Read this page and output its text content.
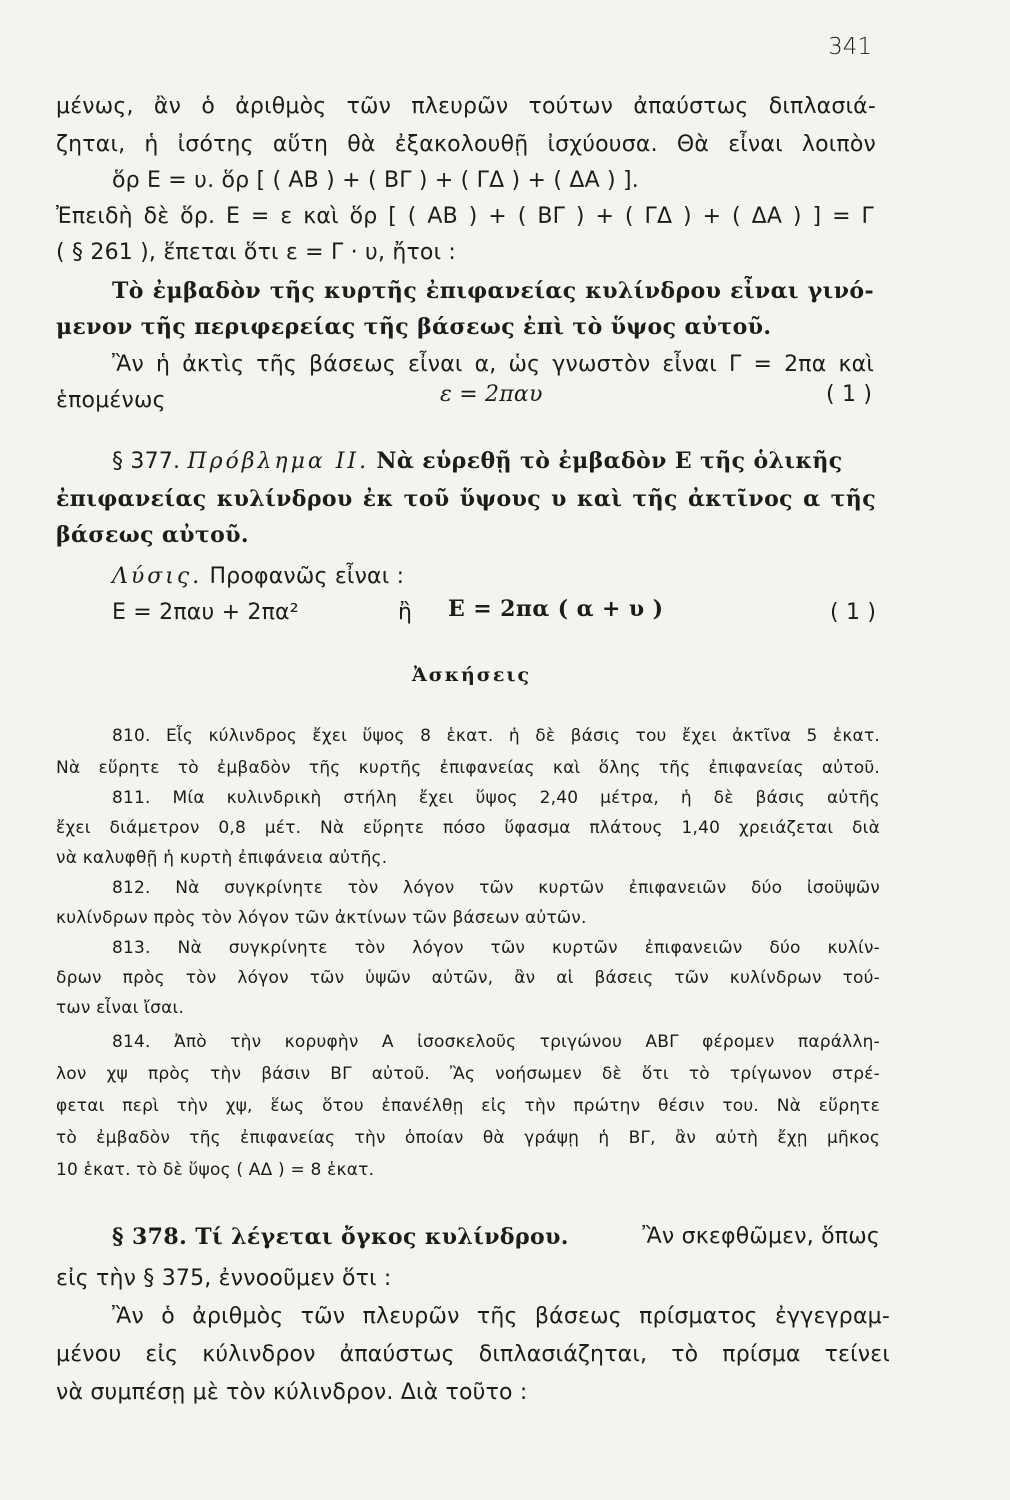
341
μένως, ἂν ὁ ἀριθμὸς τῶν πλευρῶν τούτων ἀπαύστως διπλασιά-
ζηται, ἡ ἰσότης αὕτη θὰ ἐξακολουθῇ ἰσχύουσα. Θὰ εἶναι λοιπὸν
ὅρ Ε = υ. ὅρ [ ( ΑΒ ) + ( ΒΓ ) + ( ΓΔ ) + ( ΔΑ ) ].
Ἐπειδὴ δὲ ὅρ. Ε = ε καὶ ὅρ [ ( ΑΒ ) + ( ΒΓ ) + ( ΓΔ ) + ( ΔΑ ) ] = Γ
( § 261 ), ἕπεται ὅτι ε = Γ · υ, ἤτοι :
Τὸ ἐμβαδὸν τῆς κυρτῆς ἐπιφανείας κυλίνδρου εἶναι γινό-
μενον τῆς περιφερείας τῆς βάσεως ἐπὶ τὸ ὕψος αὐτοῦ.
Ἂν ἡ ἀκτὶς τῆς βάσεως εἶναι α, ὡς γνωστὸν εἶναι Γ = 2πα καὶ
ἑπομένως	ε = 2παυ	( 1 )
§ 377. Πρόβλημα ΙΙ. Νὰ εὑρεθῇ τὸ ἐμβαδὸν Ε τῆς ὁλικῆς
ἐπιφανείας κυλίνδρου ἐκ τοῦ ὕψους υ καὶ τῆς ἀκτῖνος α τῆς
βάσεως αὐτοῦ.
Λύσις. Προφανῶς εἶναι :
Ε = 2παυ + 2πα²	ἢ Ε = 2πα ( α + υ )	( 1 )
Ἀσκήσεις
810. Εἷς κύλινδρος ἔχει ὕψος 8 ἑκατ. ἡ δὲ βάσις του ἔχει ἀκτῖνα 5 ἑκατ.
Νὰ εὕρητε τὸ ἐμβαδὸν τῆς κυρτῆς ἐπιφανείας καὶ ὅλης τῆς ἐπιφανείας αὐτοῦ.
811. Μία κυλινδρικὴ στήλη ἔχει ὕψος 2,40 μέτρα, ἡ δὲ βάσις αὐτῆς
ἔχει διάμετρον 0,8 μέτ. Νὰ εὕρητε πόσο ὕφασμα πλάτους 1,40 χρειάζεται διὰ
νὰ καλυφθῇ ἡ κυρτὴ ἐπιφάνεια αὐτῆς.
812. Νὰ συγκρίνητε τὸν λόγον τῶν κυρτῶν ἐπιφανειῶν δύο ἰσοϋψῶν
κυλίνδρων πρὸς τὸν λόγον τῶν ἀκτίνων τῶν βάσεων αὐτῶν.
813. Νὰ συγκρίνητε τὸν λόγον τῶν κυρτῶν ἐπιφανειῶν δύο κυλίν-
δρων πρὸς τὸν λόγον τῶν ὑψῶν αὐτῶν, ἂν αἱ βάσεις τῶν κυλίνδρων τού-
των εἶναι ἴσαι.
814. Ἀπὸ τὴν κορυφὴν Α ἰσοσκελοῦς τριγώνου ΑΒΓ φέρομεν παράλλη-
λον χψ πρὸς τὴν βάσιν ΒΓ αὐτοῦ. Ἂς νοήσωμεν δὲ ὅτι τὸ τρίγωνον στρέ-
φεται περὶ τὴν χψ, ἕως ὅτου ἐπανέλθῃ εἰς τὴν πρώτην θέσιν του. Νὰ εὕρητε
τὸ ἐμβαδὸν τῆς ἐπιφανείας τὴν ὁποίαν θὰ γράψῃ ἡ ΒΓ, ἂν αὐτὴ ἔχῃ μῆκος
10 ἑκατ. τὸ δὲ ὕψος ( ΑΔ ) = 8 ἑκατ.
§ 378. Τί λέγεται ὄγκος κυλίνδρου.	Ἂν σκεφθῶμεν, ὅπως
εἰς τὴν § 375, ἐννοοῦμεν ὅτι :
Ἂν ὁ ἀριθμὸς τῶν πλευρῶν τῆς βάσεως πρίσματος ἐγγεγραμ-
μένου εἰς κύλινδρον ἀπαύστως διπλασιάζηται, τὸ πρίσμα τείνει
νὰ συμπέσῃ μὲ τὸν κύλινδρον. Διὰ τοῦτο :
